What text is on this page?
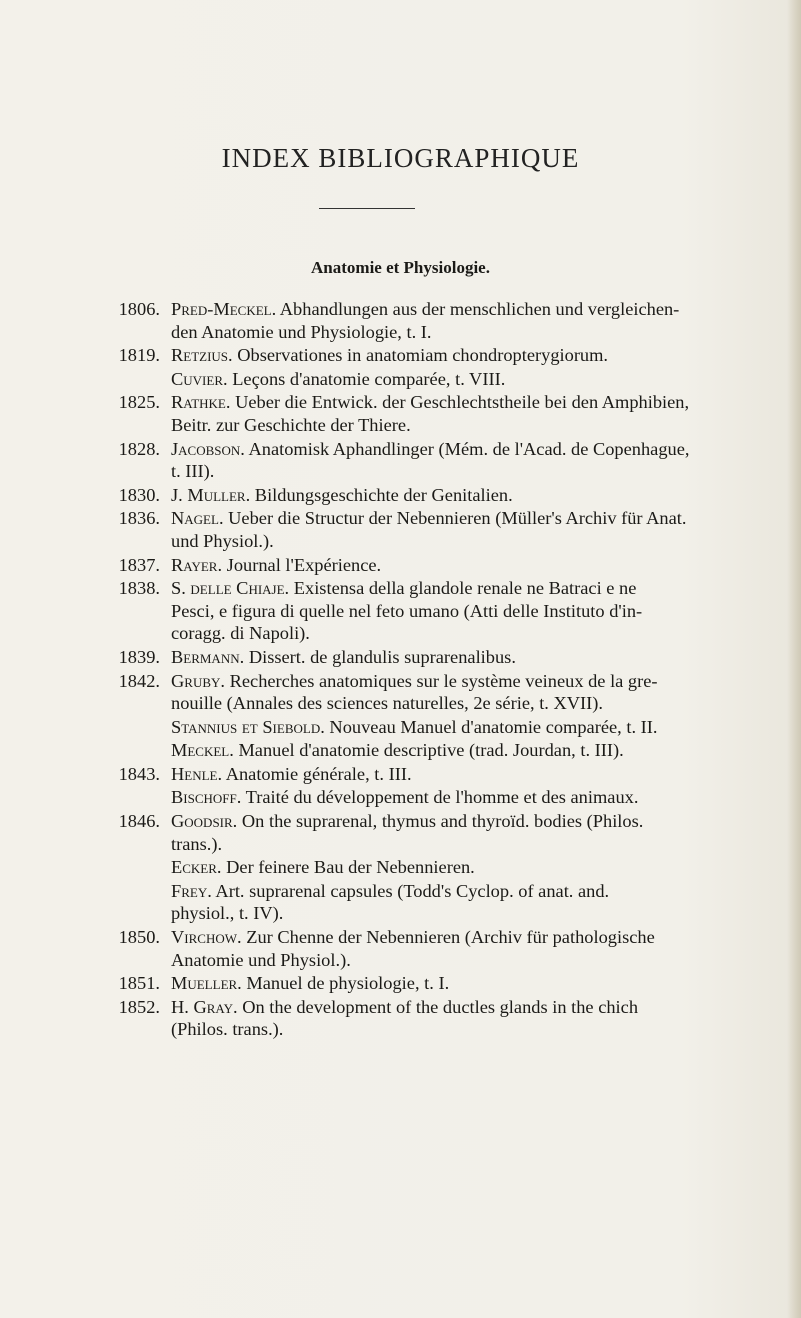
INDEX BIBLIOGRAPHIQUE
Anatomie et Physiologie.
1806. Pred-Meckel. Abhandlungen aus der menschlichen und vergleichen-
den Anatomie und Physiologie, t. I.
1819. Retzius. Observationes in anatomiam chondropterygiorum.
Cuvier. Leçons d'anatomie comparée, t. VIII.
1825. Rathke. Ueber die Entwick. der Geschlechtstheile bei den Amphibien,
Beitr. zur Geschichte der Thiere.
1828. Jacobson. Anatomisk Aphandlinger (Mém. de l'Acad. de Copenhague,
t. III).
1830. J. Muller. Bildungsgeschichte der Genitalien.
1836. Nagel. Ueber die Structur der Nebennieren (Müller's Archiv für Anat.
und Physiol.).
1837. Rayer. Journal l'Expérience.
1838. S. delle Chiaje. Existensa della glandole renale ne Batraci e ne
Pesci, e figura di quelle nel feto umano (Atti delle Instituto d'in-
coragg. di Napoli).
1839. Bermann. Dissert. de glandulis suprarenalibus.
1842. Gruby. Recherches anatomiques sur le système veineux de la gre-
nouille (Annales des sciences naturelles, 2e série, t. XVII).
Stannius et Siebold. Nouveau Manuel d'anatomie comparée, t. II.
Meckel. Manuel d'anatomie descriptive (trad. Jourdan, t. III).
1843. Henle. Anatomie générale, t. III.
Bischoff. Traité du développement de l'homme et des animaux.
1846. Goodsir. On the suprarenal, thymus and thyroïd. bodies (Philos.
trans.).
Ecker. Der feinere Bau der Nebennieren.
Frey. Art. suprarenal capsules (Todd's Cyclop. of anat. and.
physiol., t. IV).
1850. Virchow. Zur Chenne der Nebennieren (Archiv für pathologische
Anatomie und Physiol.).
1851. Mueller. Manuel de physiologie, t. I.
1852. H. Gray. On the development of the ductles glands in the chich
(Philos. trans.).
